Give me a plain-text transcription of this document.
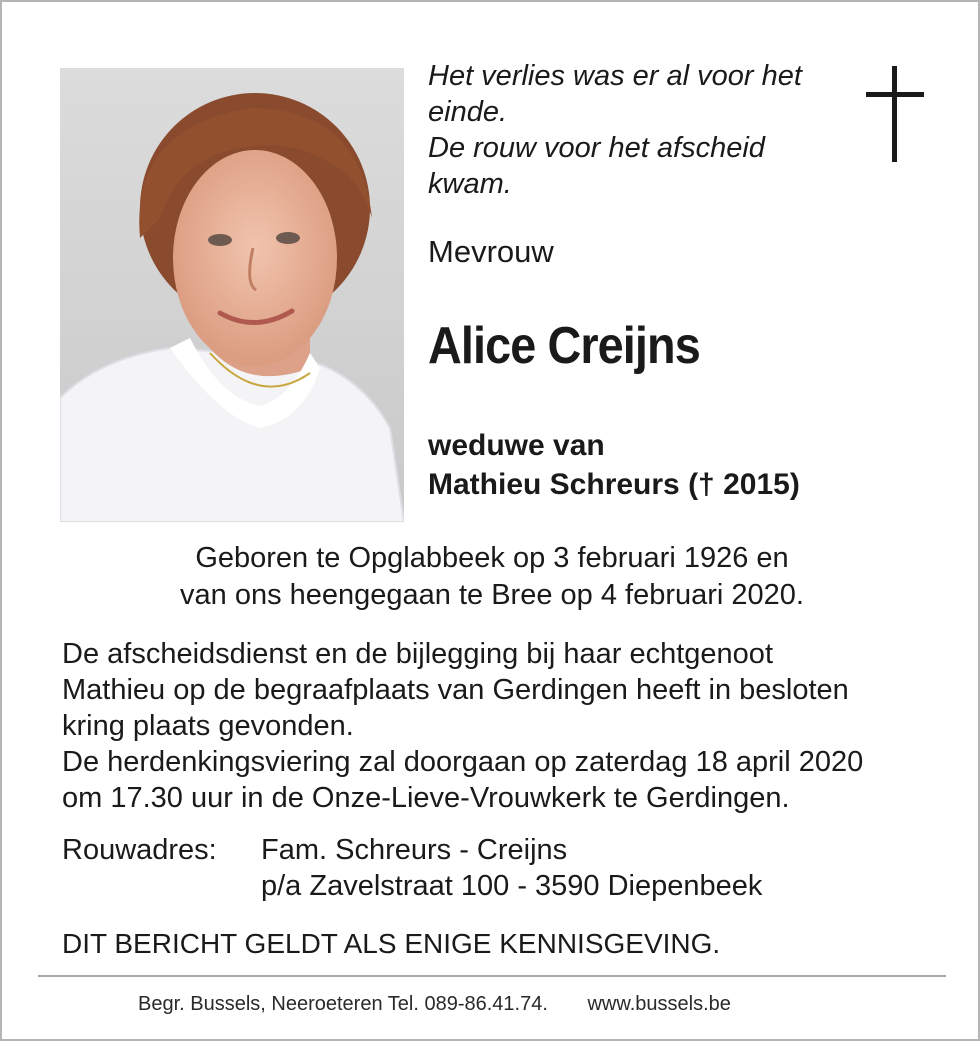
Het verlies was er al voor het
einde.
De rouw voor het afscheid
kwam.
Mevrouw
Alice Creijns
weduwe van
Mathieu Schreurs († 2015)
Geboren te Opglabbeek op 3 februari 1926 en
van ons heengegaan te Bree op 4 februari 2020.
De afscheidsdienst en de bijlegging bij haar echtgenoot
Mathieu op de begraafplaats van Gerdingen heeft in besloten
kring plaats gevonden.
De herdenkingsviering zal doorgaan op zaterdag 18 april 2020
om 17.30 uur in de Onze-Lieve-Vrouwkerk te Gerdingen.
Rouwadres: Fam. Schreurs - Creijns
p/a Zavelstraat 100 - 3590 Diepenbeek
DIT BERICHT GELDT ALS ENIGE KENNISGEVING.
Begr. Bussels, Neeroeteren Tel. 089-86.41.74. www.bussels.be
